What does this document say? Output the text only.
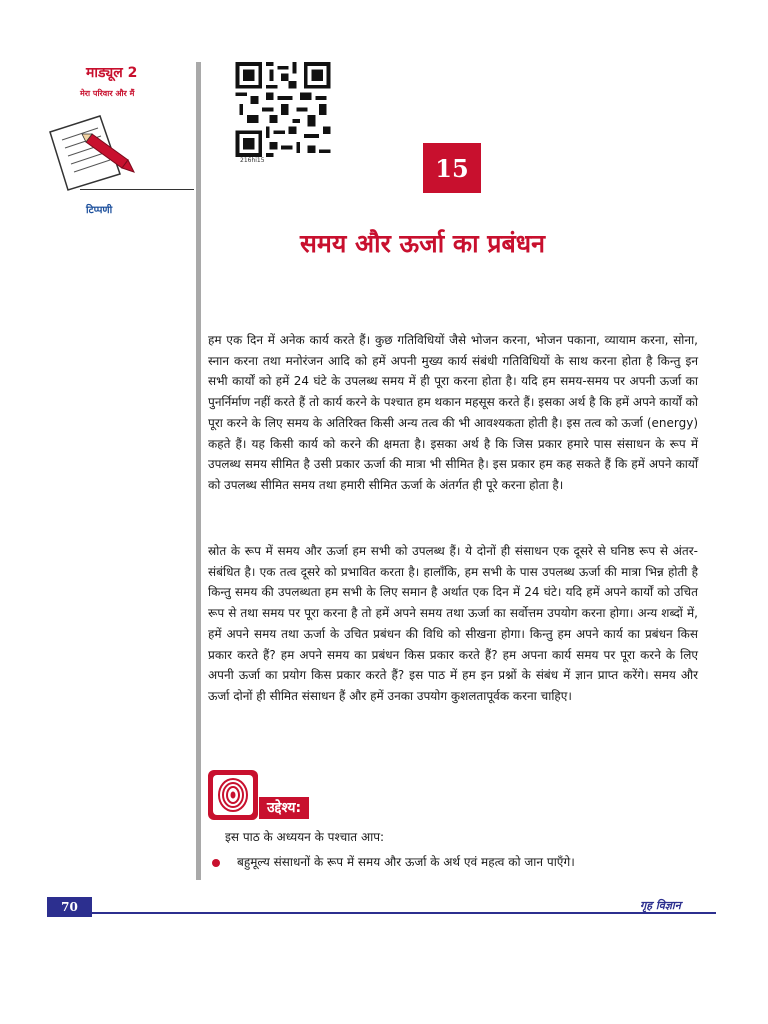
माड्यूल 2
मेरा परिवार और मैं
टिप्पणी
216hi15	15
समय और ऊर्जा का प्रबंधन

हम एक दिन में अनेक कार्य करते हैं। कुछ गतिविधियों जैसे भोजन करना, भोजन पकाना, व्यायाम करना, सोना, स्नान करना तथा मनोरंजन आदि को हमें अपनी मुख्य कार्य संबंधी गतिविधियों के साथ करना होता है किन्तु इन सभी कार्यों को हमें 24 घंटे के उपलब्ध समय में ही पूरा करना होता है। यदि हम समय-समय पर अपनी ऊर्जा का पुनर्निर्माण नहीं करते हैं तो कार्य करने के पश्चात हम थकान महसूस करते हैं। इसका अर्थ है कि हमें अपने कार्यों को पूरा करने के लिए समय के अतिरिक्त किसी अन्य तत्व की भी आवश्यकता होती है। इस तत्व को ऊर्जा (energy) कहते हैं। यह किसी कार्य को करने की क्षमता है। इसका अर्थ है कि जिस प्रकार हमारे पास संसाधन के रूप में उपलब्ध समय सीमित है उसी प्रकार ऊर्जा की मात्रा भी सीमित है। इस प्रकार हम कह सकते हैं कि हमें अपने कार्यों को उपलब्ध सीमित समय तथा हमारी सीमित ऊर्जा के अंतर्गत ही पूरे करना होता है।

स्रोत के रूप में समय और ऊर्जा हम सभी को उपलब्ध हैं। ये दोनों ही संसाधन एक दूसरे से घनिष्ठ रूप से अंतर-संबंधित है। एक तत्व दूसरे को प्रभावित करता है। हालाँकि, हम सभी के पास उपलब्ध ऊर्जा की मात्रा भिन्न होती है किन्तु समय की उपलब्धता हम सभी के लिए समान है अर्थात एक दिन में 24 घंटे। यदि हमें अपने कार्यों को उचित रूप से तथा समय पर पूरा करना है तो हमें अपने समय तथा ऊर्जा का सर्वोत्तम उपयोग करना होगा। अन्य शब्दों में, हमें अपने समय तथा ऊर्जा के उचित प्रबंधन की विधि को सीखना होगा। किन्तु हम अपने कार्य का प्रबंधन किस प्रकार करते हैं? हम अपने समय का प्रबंधन किस प्रकार करते हैं? हम अपना कार्य समय पर पूरा करने के लिए अपनी ऊर्जा का प्रयोग किस प्रकार करते हैं? इस पाठ में हम इन प्रश्नों के संबंध में ज्ञान प्राप्त करेंगे। समय और ऊर्जा दोनों ही सीमित संसाधन हैं और हमें उनका उपयोग कुशलतापूर्वक करना चाहिए।

उद्देश्य:
इस पाठ के अध्ययन के पश्चात आप:
बहुमूल्य संसाधनों के रूप में समय और ऊर्जा के अर्थ एवं महत्व को जान पाएँगे।
70	गृह विज्ञान
